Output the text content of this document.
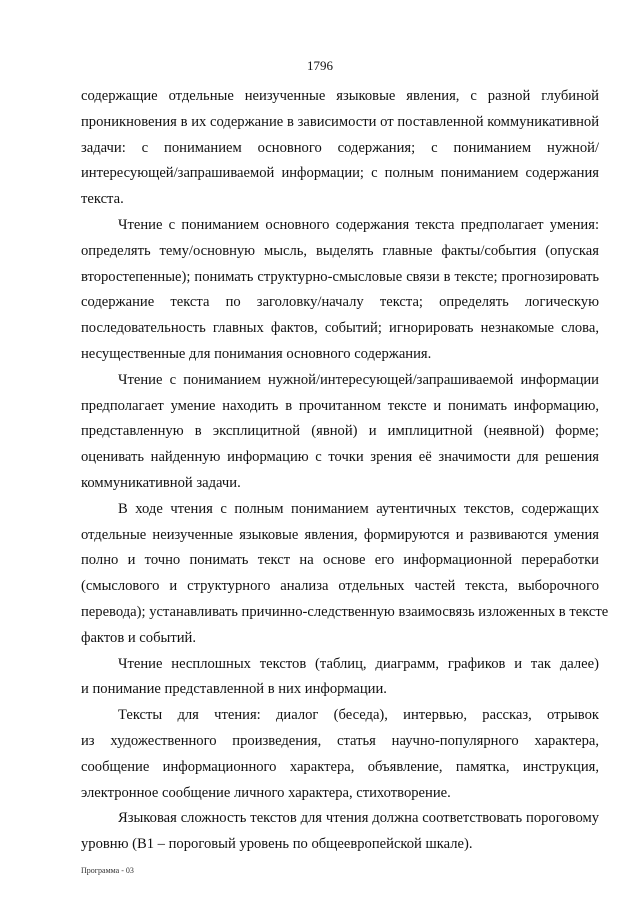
1796
содержащие отдельные неизученные языковые явления, с разной глубиной
проникновения в их содержание в зависимости от поставленной коммуникативной
задачи: с пониманием основного содержания; с пониманием нужной/
интересующей/запрашиваемой информации; с полным пониманием содержания
текста.
Чтение с пониманием основного содержания текста предполагает умения:
определять тему/основную мысль, выделять главные факты/события (опуская
второстепенные); понимать структурно-смысловые связи в тексте; прогнозировать
содержание текста по заголовку/началу текста; определять логическую
последовательность главных фактов, событий; игнорировать незнакомые слова,
несущественные для понимания основного содержания.
Чтение с пониманием нужной/интересующей/запрашиваемой информации
предполагает умение находить в прочитанном тексте и понимать информацию,
представленную в эксплицитной (явной) и имплицитной (неявной) форме;
оценивать найденную информацию с точки зрения её значимости для решения
коммуникативной задачи.
В ходе чтения с полным пониманием аутентичных текстов, содержащих
отдельные неизученные языковые явления, формируются и развиваются умения
полно и точно понимать текст на основе его информационной переработки
(смыслового и структурного анализа отдельных частей текста, выборочного
перевода); устанавливать причинно-следственную взаимосвязь изложенных в тексте
фактов и событий.
Чтение несплошных текстов (таблиц, диаграмм, графиков и так далее)
и понимание представленной в них информации.
Тексты для чтения: диалог (беседа), интервью, рассказ, отрывок
из художественного произведения, статья научно-популярного характера,
сообщение информационного характера, объявление, памятка, инструкция,
электронное сообщение личного характера, стихотворение.
Языковая сложность текстов для чтения должна соответствовать пороговому
уровню (B1 – пороговый уровень по общеевропейской шкале).
Программа - 03
